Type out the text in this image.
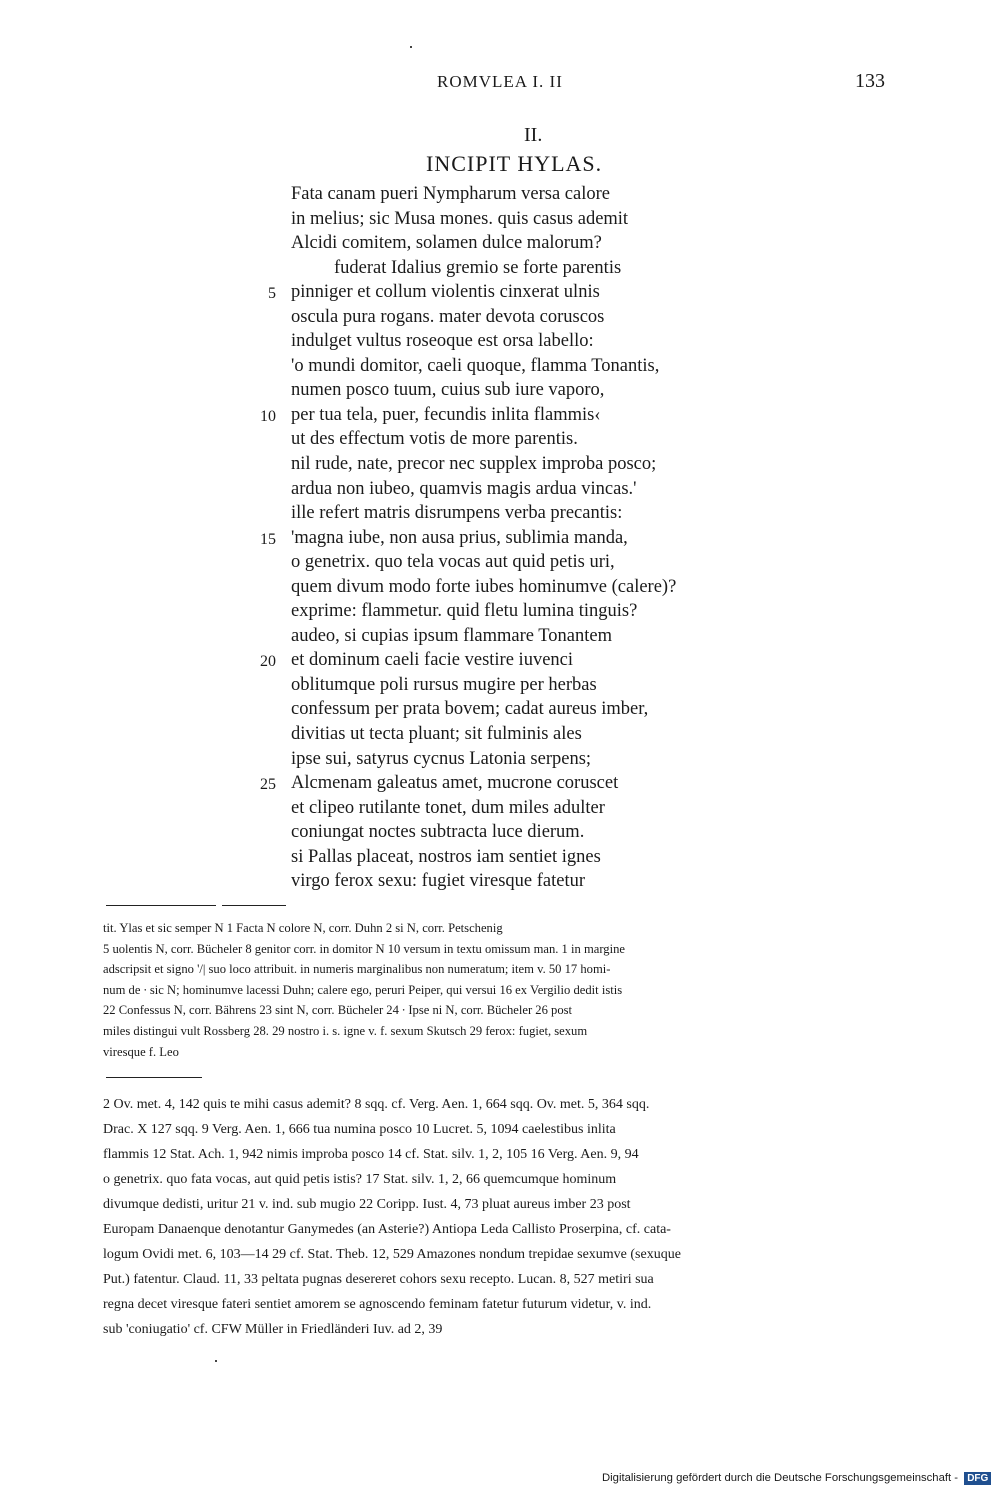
ROMVLEA I. II	133
II.
INCIPIT HYLAS.
Fata canam pueri Nympharum versa calore
in melius; sic Musa mones. quis casus ademit
Alcidi comitem, solamen dulce malorum?
fuderat Idalius gremio se forte parentis
5 pinniger et collum violentis cinxerat ulnis
oscula pura rogans. mater devota coruscos
indulget vultus roseoque est orsa labello:
'o mundi domitor, caeli quoque, flamma Tonantis,
numen posco tuum, cuius sub iure vaporo,
10 per tua tela, puer, fecundis inlita flammis‹
ut des effectum votis de more parentis.
nil rude, nate, precor nec supplex improba posco;
ardua non iubeo, quamvis magis ardua vincas.'
ille refert matris disrumpens verba precantis:
15 'magna iube, non ausa prius, sublimia manda,
o genetrix. quo tela vocas aut quid petis uri,
quem divum modo forte iubes hominumve (calere)?
exprime: flammetur. quid fletu lumina tinguis?
audeo, si cupias ipsum flammare Tonantem
20 et dominum caeli facie vestire iuvenci
oblitumque poli rursus mugire per herbas
confessum per prata bovem; cadat aureus imber,
divitias ut tecta pluant; sit fulminis ales
ipse sui, satyrus cycnus Latonia serpens;
25 Alcmenam galeatus amet, mucrone coruscet
et clipeo rutilante tonet, dum miles adulter
coniungat noctes subtracta luce dierum.
si Pallas placeat, nostros iam sentiet ignes
virgo ferox sexu: fugiet viresque fatetur
tit. Ylas et sic semper N 1 Facta N colore N, corr. Duhn 2 si N, corr. Petschenig
5 uolentis N, corr. Bücheler 8 genitor corr. in domitor N 10 versum in textu omissum man. 1 in margine
adscripsit et signo '/| suo loco attribuit. in numeris marginalibus non numeratum; item v. 50 17 homi-
num de ∙ sic N; hominumve lacessi Duhn; calere ego, peruri Peiper, qui versui 16 ex Vergilio dedit istis
22 Confessus N, corr. Bährens 23 sint N, corr. Bücheler 24 ∙ Ipse ni N, corr. Bücheler 26 post
miles distingui vult Rossberg 28. 29 nostro i. s. igne v. f. sexum Skutsch 29 ferox: fugiet, sexum
viresque f. Leo
2 Ov. met. 4, 142 quis te mihi casus ademit? 8 sqq. cf. Verg. Aen. 1, 664 sqq. Ov. met. 5, 364 sqq.
Drac. X 127 sqq. 9 Verg. Aen. 1, 666 tua numina posco 10 Lucret. 5, 1094 caelestibus inlita
flammis 12 Stat. Ach. 1, 942 nimis improba posco 14 cf. Stat. silv. 1, 2, 105 16 Verg. Aen. 9, 94
o genetrix. quo fata vocas, aut quid petis istis? 17 Stat. silv. 1, 2, 66 quemcumque hominum
divumque dedisti, uritur 21 v. ind. sub mugio 22 Coripp. Iust. 4, 73 pluat aureus imber 23 post
Europam Danaenque denotantur Ganymedes (an Asterie?) Antiopa Leda Callisto Proserpina, cf. cata-
logum Ovidi met. 6, 103—14 29 cf. Stat. Theb. 12, 529 Amazones nondum trepidae sexumve (sexuque
Put.) fatentur. Claud. 11, 33 peltata pugnas desereret cohors sexu recepto. Lucan. 8, 527 metiri sua
regna decet viresque fateri sentiet amorem se agnoscendo feminam fatetur futurum videtur, v. ind.
sub 'coniugatio' cf. CFW Müller in Friedländeri Iuv. ad 2, 39
Digitalisierung gefördert durch die Deutsche Forschungsgemeinschaft - DFG
